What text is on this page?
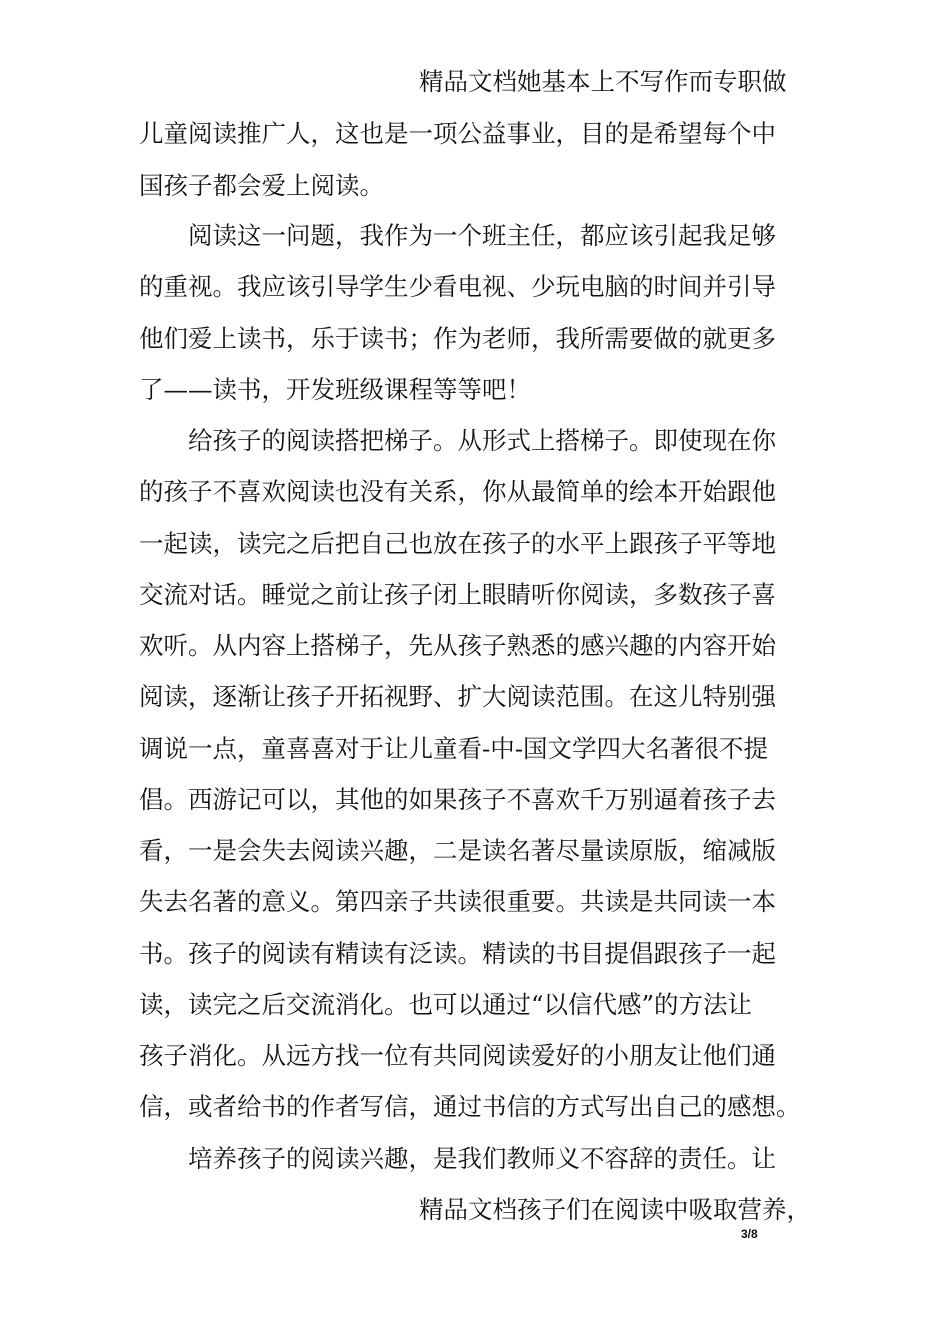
精品文档她基本上不写作而专职做
儿童阅读推广人，这也是一项公益事业，目的是希望每个中
国孩子都会爱上阅读。
阅读这一问题，我作为一个班主任，都应该引起我足够
的重视。我应该引导学生少看电视、少玩电脑的时间并引导
他们爱上读书，乐于读书；作为老师，我所需要做的就更多
了——读书，开发班级课程等等吧！
给孩子的阅读搭把梯子。从形式上搭梯子。即使现在你
的孩子不喜欢阅读也没有关系，你从最简单的绘本开始跟他
一起读，读完之后把自己也放在孩子的水平上跟孩子平等地
交流对话。睡觉之前让孩子闭上眼睛听你阅读，多数孩子喜
欢听。从内容上搭梯子，先从孩子熟悉的感兴趣的内容开始
阅读，逐渐让孩子开拓视野、扩大阅读范围。在这儿特别强
调说一点，童喜喜对于让儿童看-中-国文学四大名著很不提
倡。西游记可以，其他的如果孩子不喜欢千万别逼着孩子去
看，一是会失去阅读兴趣，二是读名著尽量读原版，缩减版
失去名著的意义。第四亲子共读很重要。共读是共同读一本
书。孩子的阅读有精读有泛读。精读的书目提倡跟孩子一起
读，读完之后交流消化。也可以通过“以信代感”的方法让
孩子消化。从远方找一位有共同阅读爱好的小朋友让他们通
信，或者给书的作者写信，通过书信的方式写出自己的感想。
培养孩子的阅读兴趣，是我们教师义不容辞的责任。让
精品文档孩子们在阅读中吸取营养，
3/8
